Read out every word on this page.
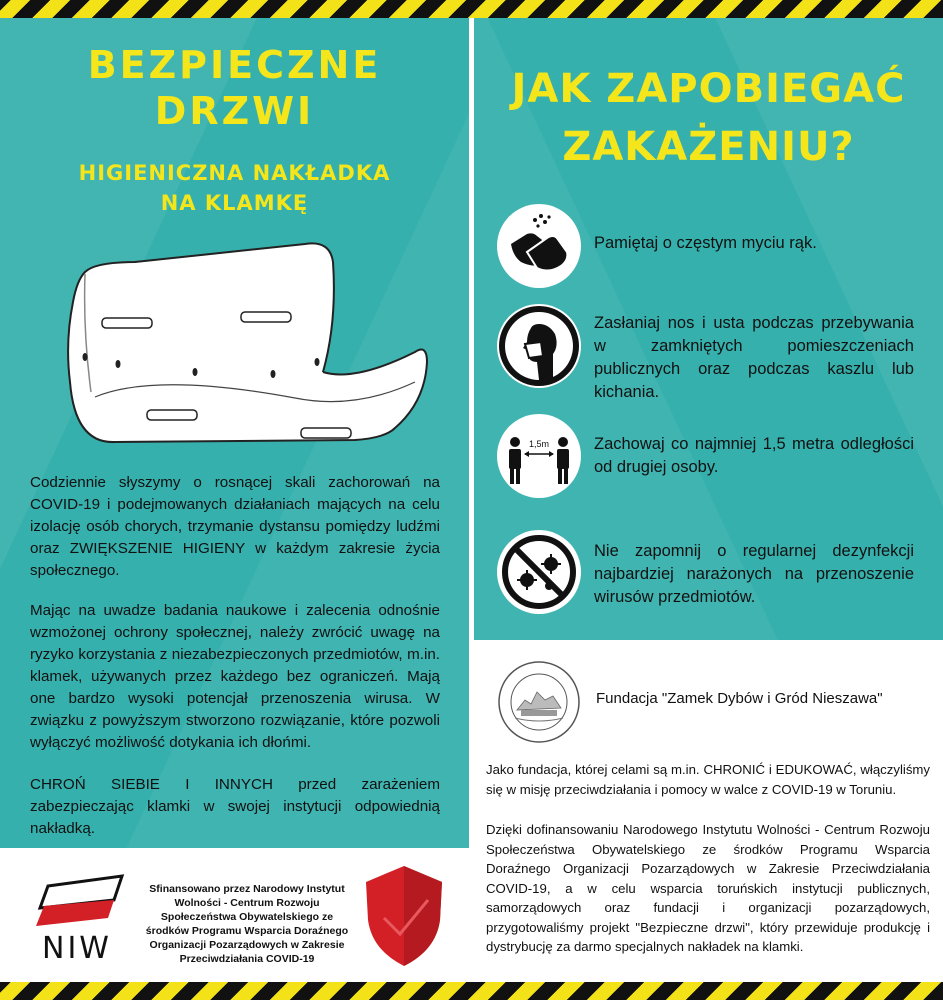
BEZPIECZNE DRZWI
HIGIENICZNA NAKŁADKA
NA KLAMKĘ
Codziennie słyszymy o rosnącej skali zachorowań na COVID-19 i podejmowanych działaniach mających na celu izolację osób chorych, trzymanie dystansu pomiędzy ludźmi oraz ZWIĘKSZENIE HIGIENY w każdym zakresie życia społecznego.
Mając na uwadze badania naukowe i zalecenia odnośnie wzmożonej ochrony społecznej, należy zwrócić uwagę na ryzyko korzystania z niezabezpieczonych przedmiotów, m.in. klamek, używanych przez każdego bez ograniczeń. Mają one bardzo wysoki potencjał przenoszenia wirusa. W związku z powyższym stworzono rozwiązanie, które pozwoli wyłączyć możliwość dotykania ich dłońmi.
CHROŃ SIEBIE I INNYCH przed zarażeniem zabezpieczając klamki w swojej instytucji odpowiednią nakładką.
JAK ZAPOBIEGAĆ
ZAKAŻENIU?
Pamiętaj o częstym myciu rąk.
Zasłaniaj nos i usta podczas przebywania w zamkniętych pomieszczeniach publicznych oraz podczas kaszlu lub kichania.
1,5m	Zachowaj co najmniej 1,5 metra odległości od drugiej osoby.
Nie zapomnij o regularnej dezynfekcji najbardziej narażonych na przenoszenie wirusów przedmiotów.
Fundacja "Zamek Dybów i Gród Nieszawa"
Jako fundacja, której celami są m.in. CHRONIĆ i EDUKOWAĆ, włączyliśmy się w misję przeciwdziałania i pomocy w walce z COVID-19 w Toruniu.
Dzięki dofinansowaniu Narodowego Instytutu Wolności - Centrum Rozwoju Społeczeństwa Obywatelskiego ze środków Programu Wsparcia Doraźnego Organizacji Pozarządowych w Zakresie Przeciwdziałania COVID-19, a w celu wsparcia toruńskich instytucji publicznych, samorządowych oraz fundacji i organizacji pozarządowych, przygotowaliśmy projekt "Bezpieczne drzwi", który przewiduje produkcję i dystrybucję za darmo specjalnych nakładek na klamki.
NIW
Sfinansowano przez Narodowy Instytut Wolności - Centrum Rozwoju Społeczeństwa Obywatelskiego ze środków Programu Wsparcia Doraźnego Organizacji Pozarządowych w Zakresie Przeciwdziałania COVID-19
